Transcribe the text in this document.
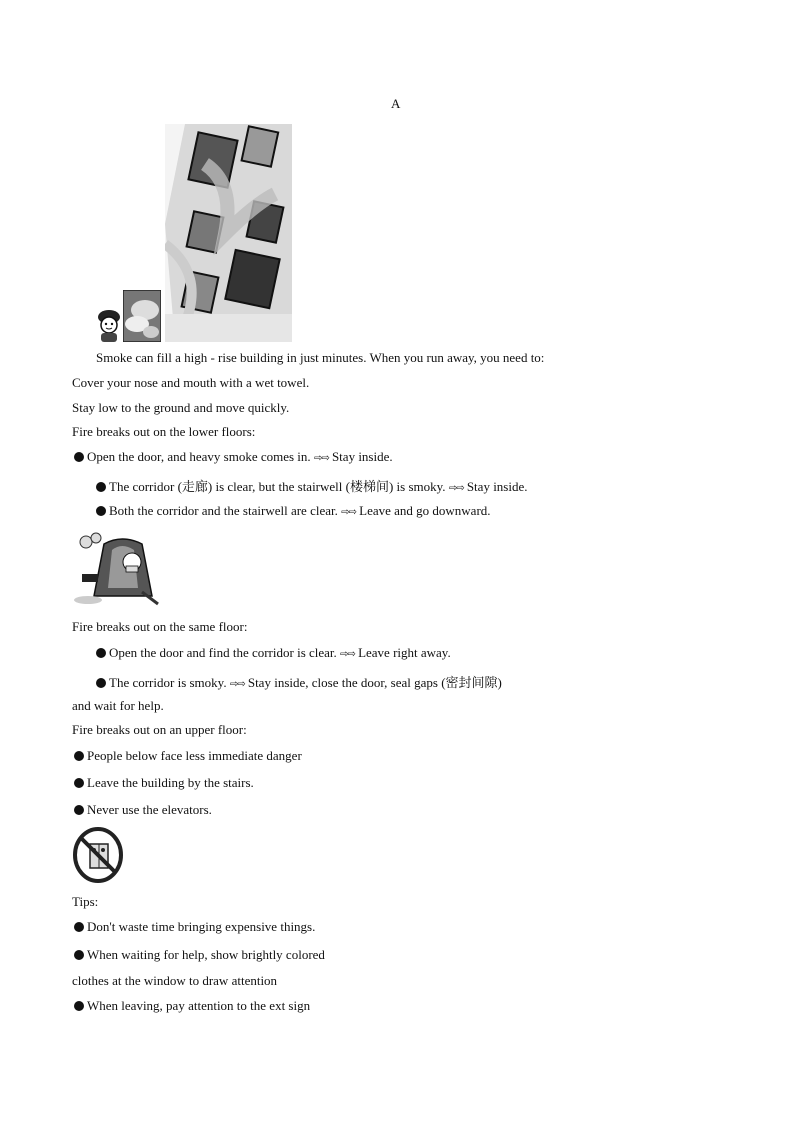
A
Smoke can fill a high - rise building in just minutes. When you run away, you need to:
Cover your nose and mouth with a wet towel.
Stay low to the ground and move quickly.
Fire breaks out on the lower floors:
Open the door, and heavy smoke comes in. ⇨⇨ Stay inside.
The corridor (走廊) is clear, but the stairwell (楼梯间) is smoky. ⇨⇨ Stay inside.
Both the corridor and the stairwell are clear. ⇨⇨ Leave and go downward.
Fire breaks out on the same floor:
Open the door and find the corridor is clear. ⇨⇨ Leave right away.
The corridor is smoky. ⇨⇨ Stay inside, close the door, seal gaps (密封间隙)
and wait for help.
Fire breaks out on an upper floor:
People below face less immediate danger
Leave the building by the stairs.
Never use the elevators.
Tips:
Don't waste time bringing expensive things.
When waiting for help, show brightly colored
clothes at the window to draw attention
When leaving, pay attention to the ext sign
